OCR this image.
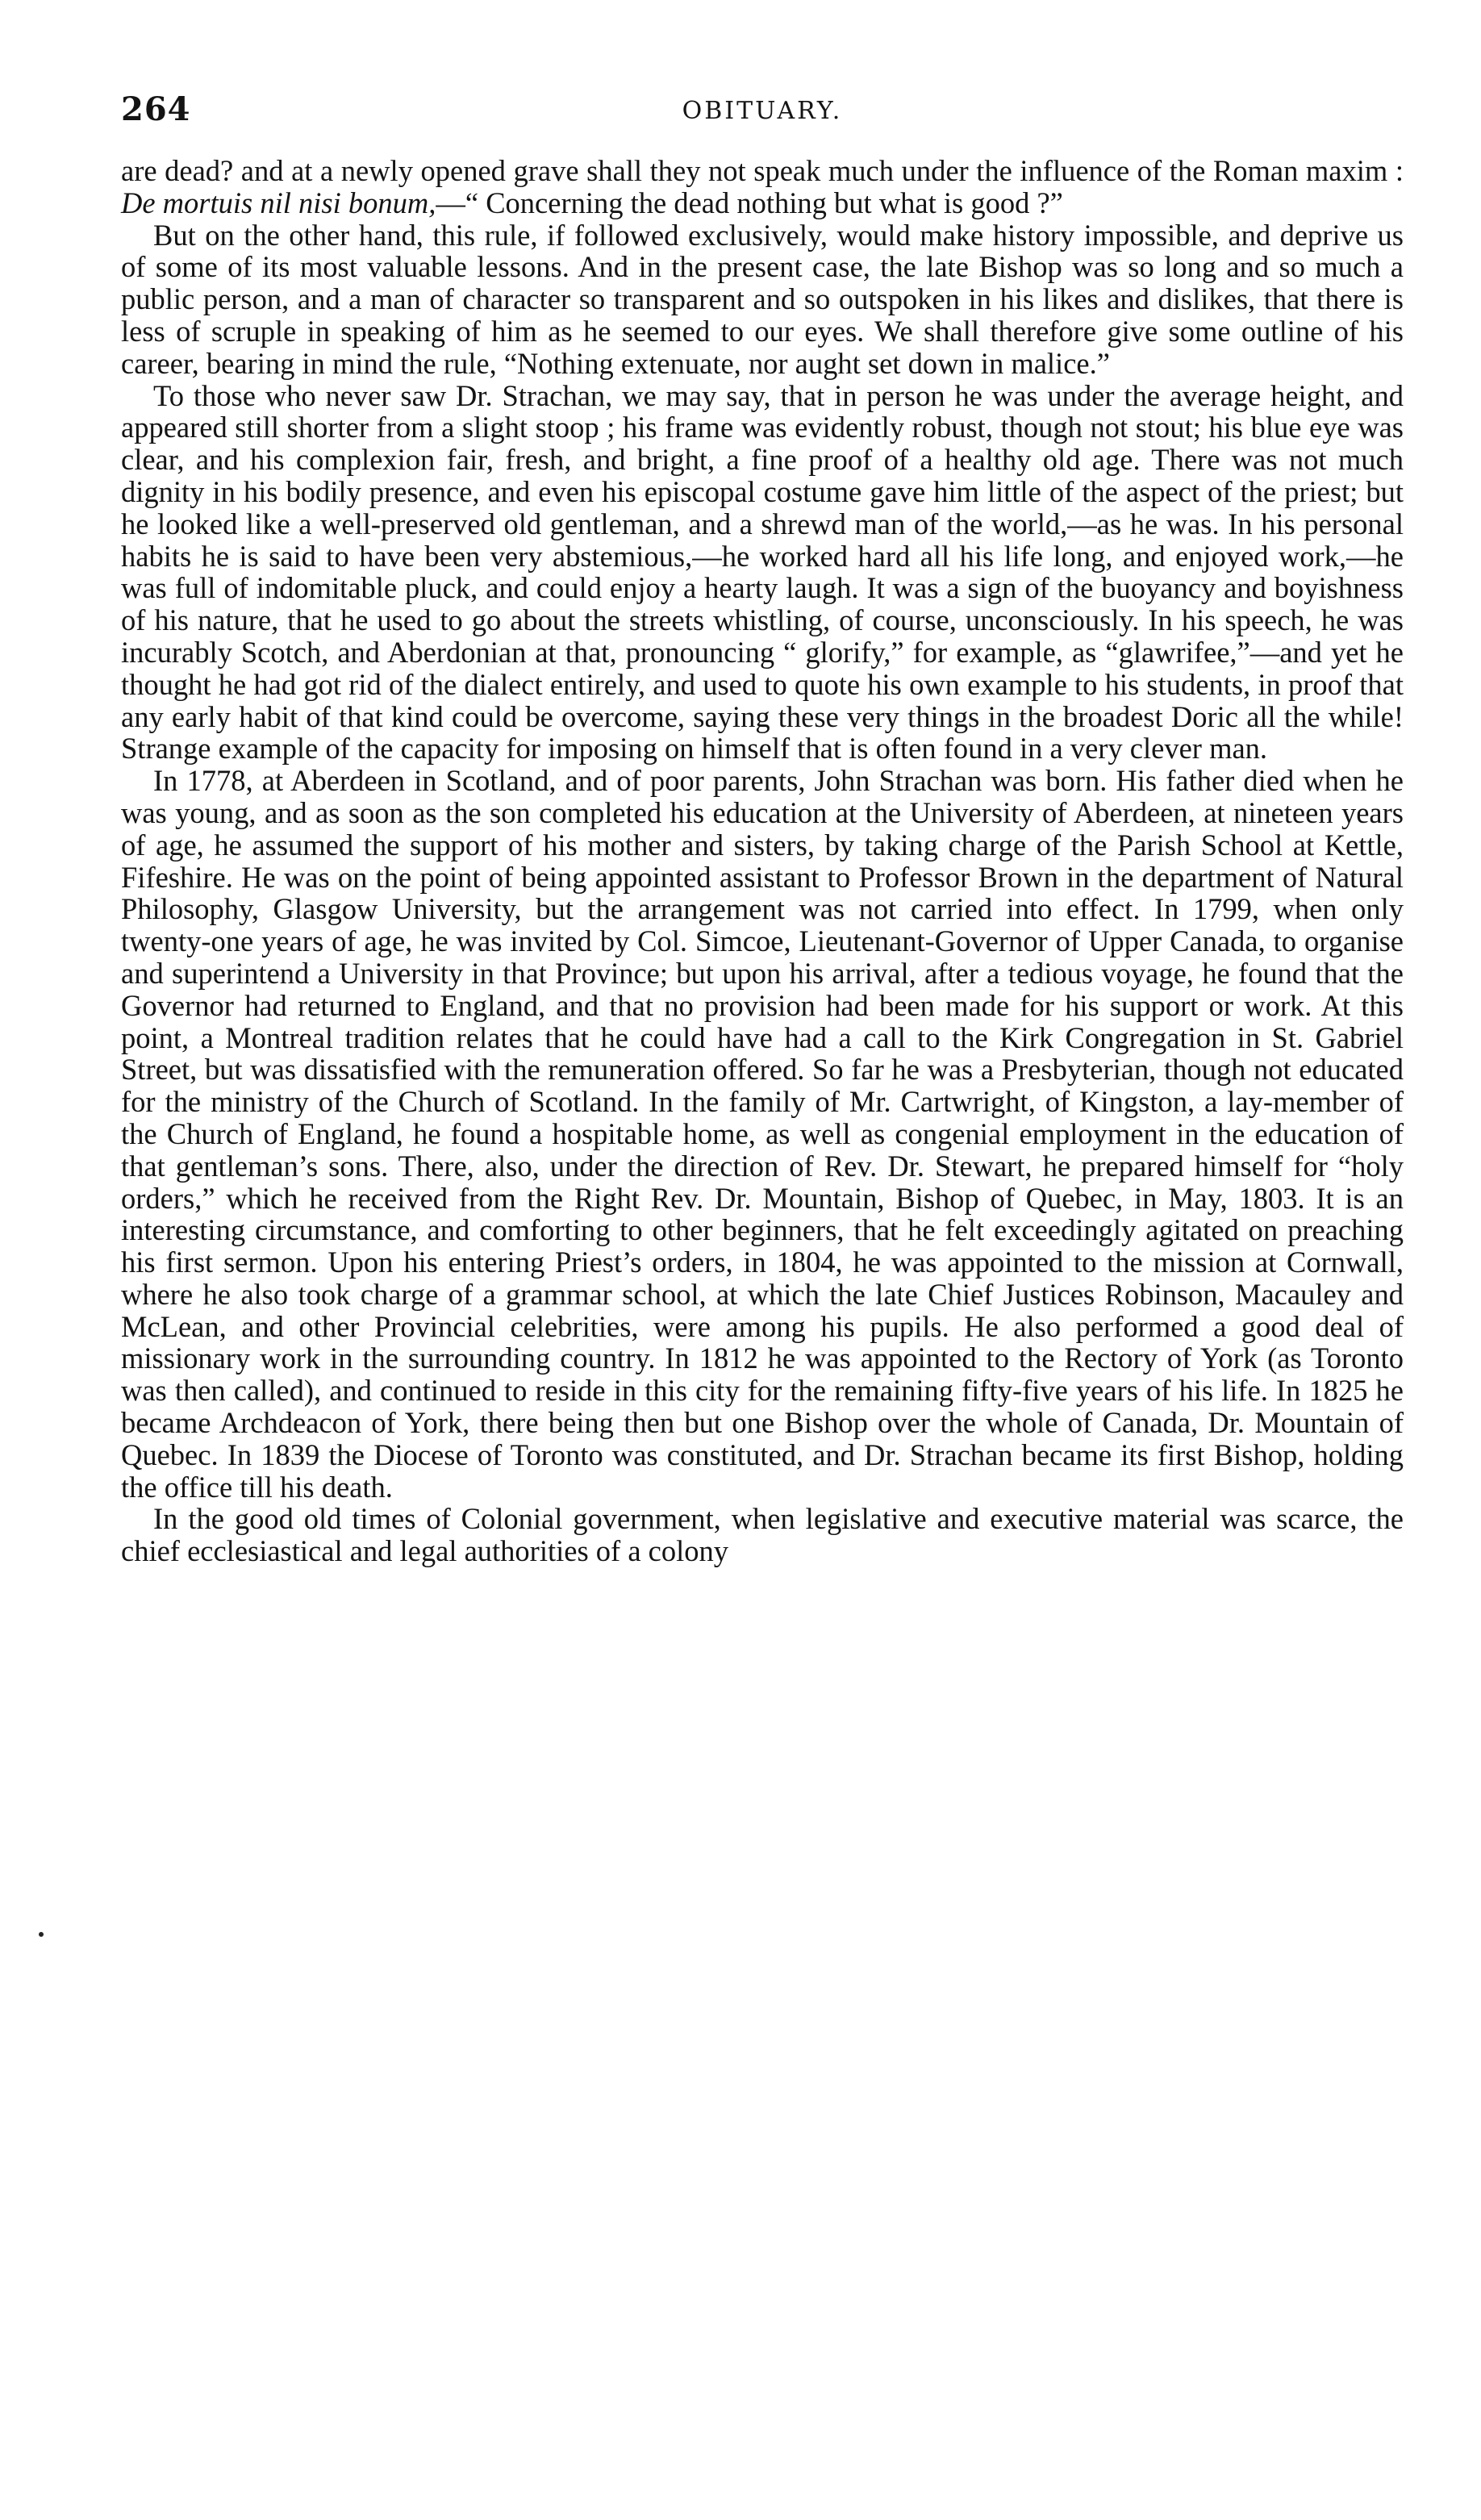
264	OBITUARY.

are dead? and at a newly opened grave shall they not speak much under the influence of the Roman maxim : De mortuis nil nisi bonum,—“ Concerning the dead nothing but what is good ?”

But on the other hand, this rule, if followed exclusively, would make history impossible, and deprive us of some of its most valuable lessons. And in the present case, the late Bishop was so long and so much a public person, and a man of character so transparent and so outspoken in his likes and dislikes, that there is less of scruple in speaking of him as he seemed to our eyes. We shall therefore give some outline of his career, bearing in mind the rule, “Nothing extenuate, nor aught set down in malice.”

To those who never saw Dr. Strachan, we may say, that in person he was under the average height, and appeared still shorter from a slight stoop ; his frame was evidently robust, though not stout; his blue eye was clear, and his complexion fair, fresh, and bright, a fine proof of a healthy old age. There was not much dignity in his bodily presence, and even his episcopal costume gave him little of the aspect of the priest; but he looked like a well-preserved old gentleman, and a shrewd man of the world,—as he was. In his personal habits he is said to have been very abstemious,—he worked hard all his life long, and enjoyed work,—he was full of indomitable pluck, and could enjoy a hearty laugh. It was a sign of the buoyancy and boyishness of his nature, that he used to go about the streets whistling, of course, unconsciously. In his speech, he was incurably Scotch, and Aberdonian at that, pronouncing “ glorify,” for example, as “glawrifee,”—and yet he thought he had got rid of the dialect entirely, and used to quote his own example to his students, in proof that any early habit of that kind could be overcome, saying these very things in the broadest Doric all the while! Strange example of the capacity for imposing on himself that is often found in a very clever man.

In 1778, at Aberdeen in Scotland, and of poor parents, John Strachan was born. His father died when he was young, and as soon as the son completed his education at the University of Aberdeen, at nineteen years of age, he assumed the support of his mother and sisters, by taking charge of the Parish School at Kettle, Fifeshire. He was on the point of being appointed assistant to Professor Brown in the department of Natural Philosophy, Glasgow University, but the arrangement was not carried into effect. In 1799, when only twenty-one years of age, he was invited by Col. Simcoe, Lieutenant-Governor of Upper Canada, to organise and superintend a University in that Province; but upon his arrival, after a tedious voyage, he found that the Governor had returned to England, and that no provision had been made for his support or work. At this point, a Montreal tradition relates that he could have had a call to the Kirk Congregation in St. Gabriel Street, but was dissatisfied with the remuneration offered. So far he was a Presbyterian, though not educated for the ministry of the Church of Scotland. In the family of Mr. Cartwright, of Kingston, a lay-member of the Church of England, he found a hospitable home, as well as congenial employment in the education of that gentleman’s sons. There, also, under the direction of Rev. Dr. Stewart, he prepared himself for “holy orders,” which he received from the Right Rev. Dr. Mountain, Bishop of Quebec, in May, 1803. It is an interesting circumstance, and comforting to other beginners, that he felt exceedingly agitated on preaching his first sermon. Upon his entering Priest’s orders, in 1804, he was appointed to the mission at Cornwall, where he also took charge of a grammar school, at which the late Chief Justices Robinson, Macauley and McLean, and other Provincial celebrities, were among his pupils. He also performed a good deal of missionary work in the surrounding country. In 1812 he was appointed to the Rectory of York (as Toronto was then called), and continued to reside in this city for the remaining fifty-five years of his life. In 1825 he became Archdeacon of York, there being then but one Bishop over the whole of Canada, Dr. Mountain of Quebec. In 1839 the Diocese of Toronto was constituted, and Dr. Strachan became its first Bishop, holding the office till his death.

In the good old times of Colonial government, when legislative and executive material was scarce, the chief ecclesiastical and legal authorities of a colony
